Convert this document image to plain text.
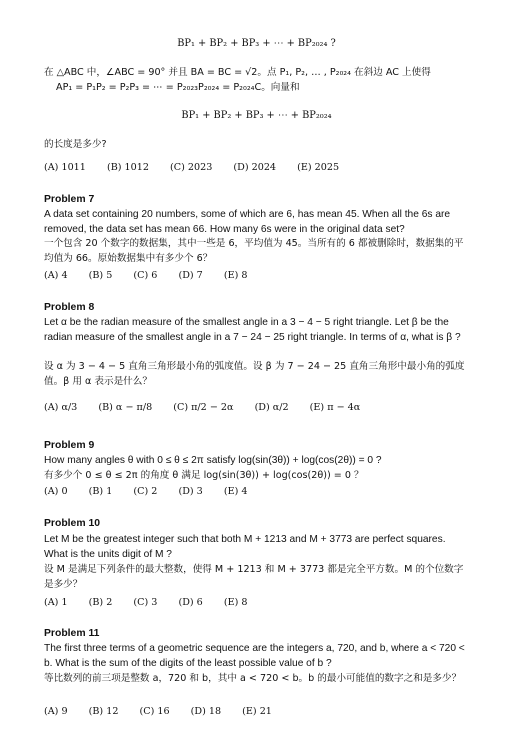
BP₁ + BP₂ + BP₃ + ⋯ + BP₂₀₂₄ ?

在 △ABC 中，∠ABC = 90° 并且 BA = BC = √2。点 P₁, P₂, … , P₂₀₂₄ 在斜边 AC 上使得

AP₁ = P₁P₂ = P₂P₃ = ⋯ = P₂₀₂₃P₂₀₂₄ = P₂₀₂₄C。向量和

BP₁ + BP₂ + BP₃ + ⋯ + BP₂₀₂₄
的长度是多少?
(A) 1011 (B) 1012 (C) 2023 (D) 2024 (E) 2025
Problem 7
A data set containing 20 numbers, some of which are 6, has mean 45. When all the 6s are removed, the data set has mean 66. How many 6s were in the original data set?
一个包含 20 个数字的数据集，其中一些是 6，平均值为 45。当所有的 6 都被删除时，数据集的平均值为 66。原始数据集中有多少个 6？
(A) 4 (B) 5 (C) 6 (D) 7 (E) 8
Problem 8
Let α be the radian measure of the smallest angle in a 3 − 4 − 5 right triangle. Let β be the radian measure of the smallest angle in a 7 − 24 − 25 right triangle. In terms of α, what is β ?
设 α 为 3 − 4 − 5 直角三角形最小角的弧度值。设 β 为 7 − 24 − 25 直角三角形中最小角的弧度值。β 用 α 表示是什么？
(A) α/3 (B) α − π/8 (C) π/2 − 2α (D) α/2 (E) π − 4α
Problem 9
How many angles θ with 0 ≤ θ ≤ 2π satisfy log(sin(3θ)) + log(cos(2θ)) = 0 ?
有多少个 0 ≤ θ ≤ 2π 的角度 θ 满足 log(sin(3θ)) + log(cos(2θ)) = 0 ？
(A) 0 (B) 1 (C) 2 (D) 3 (E) 4
Problem 10
Let M be the greatest integer such that both M + 1213 and M + 3773 are perfect squares. What is the units digit of M ?
设 M 是满足下列条件的最大整数，使得 M + 1213 和 M + 3773 都是完全平方数。M 的个位数字是多少？
(A) 1 (B) 2 (C) 3 (D) 6 (E) 8
Problem 11
The first three terms of a geometric sequence are the integers a, 720, and b, where a < 720 < b. What is the sum of the digits of the least possible value of b ?
等比数列的前三项是整数 a，720 和 b，其中 a < 720 < b。b 的最小可能值的数字之和是多少？
(A) 9 (B) 12 (C) 16 (D) 18 (E) 21
